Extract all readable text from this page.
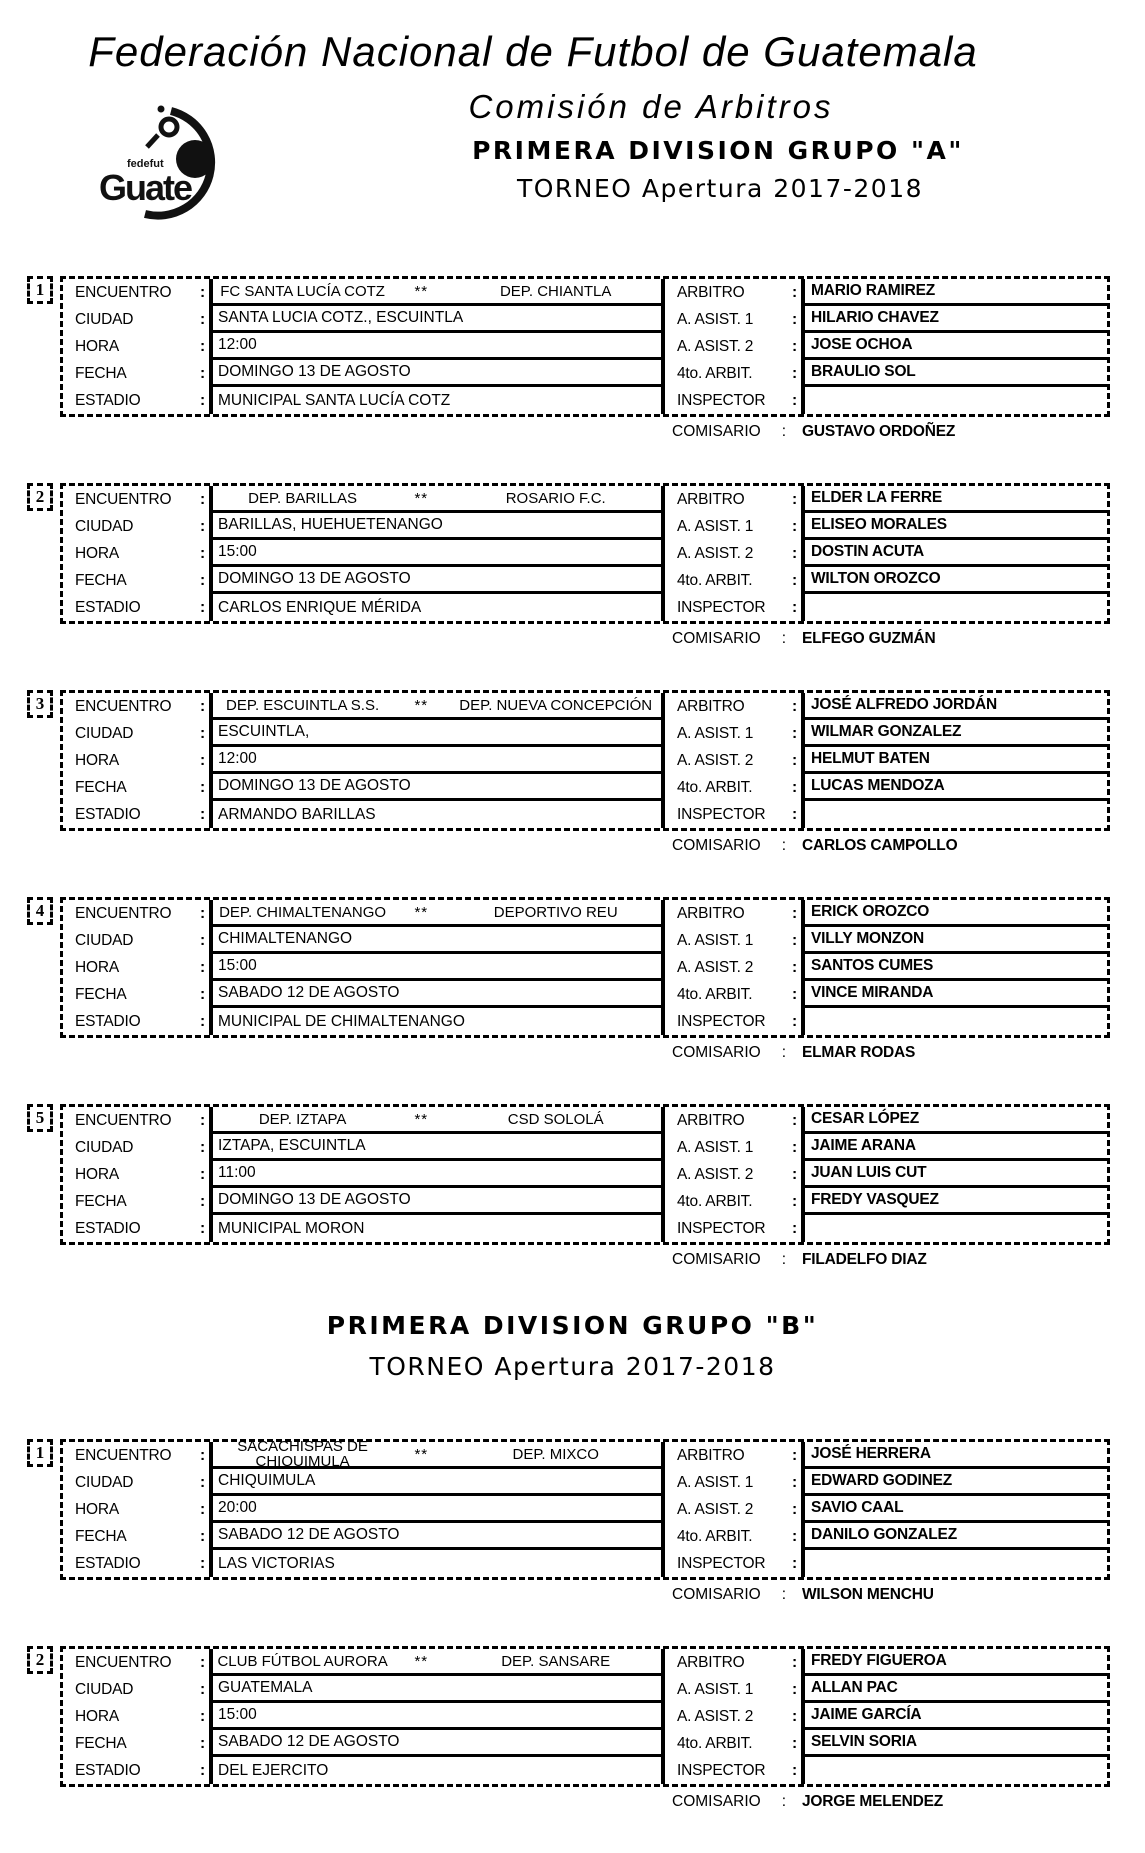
fedefut
Guate
Federación Nacional de Futbol de Guatemala
Comisión de Arbitros
PRIMERA DIVISION GRUPO "A"
TORNEO Apertura 2017-2018
1	ENCUENTRO :	FC SANTA LUCÍA COTZ	**	DEP. CHIANTLA	ARBITRO	: MARIO RAMIREZ
CIUDAD	: SANTA LUCIA COTZ., ESCUINTLA	A. ASIST. 1	: HILARIO CHAVEZ
HORA	: 12:00	A. ASIST. 2	: JOSE OCHOA
FECHA	: DOMINGO 13 DE AGOSTO	4to. ARBIT.	: BRAULIO SOL
ESTADIO	: MUNICIPAL SANTA LUCÍA COTZ	INSPECTOR :
COMISARIO : GUSTAVO ORDOÑEZ
2	ENCUENTRO :	DEP. BARILLAS	**	ROSARIO F.C.	ARBITRO	: ELDER LA FERRE
CIUDAD	: BARILLAS, HUEHUETENANGO	A. ASIST. 1	: ELISEO MORALES
HORA	: 15:00	A. ASIST. 2	: DOSTIN ACUTA
FECHA	: DOMINGO 13 DE AGOSTO	4to. ARBIT.	: WILTON OROZCO
ESTADIO	: CARLOS ENRIQUE MÉRIDA	INSPECTOR :
COMISARIO : ELFEGO GUZMÁN
3	ENCUENTRO :	DEP. ESCUINTLA S.S.	**	DEP. NUEVA CONCEPCIÓN	ARBITRO	: JOSÉ ALFREDO JORDÁN
CIUDAD	: ESCUINTLA,	A. ASIST. 1	: WILMAR GONZALEZ
HORA	: 12:00	A. ASIST. 2	: HELMUT BATEN
FECHA	: DOMINGO 13 DE AGOSTO	4to. ARBIT.	: LUCAS MENDOZA
ESTADIO	: ARMANDO BARILLAS	INSPECTOR :
COMISARIO : CARLOS CAMPOLLO
4	ENCUENTRO : DEP. CHIMALTENANGO	**	DEPORTIVO REU	ARBITRO	: ERICK OROZCO
CIUDAD	: CHIMALTENANGO	A. ASIST. 1	: VILLY MONZON
HORA	: 15:00	A. ASIST. 2	: SANTOS CUMES
FECHA	: SABADO 12 DE AGOSTO	4to. ARBIT.	: VINCE MIRANDA
ESTADIO	: MUNICIPAL DE CHIMALTENANGO	INSPECTOR :
COMISARIO : ELMAR RODAS
5	ENCUENTRO :	DEP. IZTAPA	**	CSD SOLOLÁ	ARBITRO	: CESAR LÓPEZ
CIUDAD	: IZTAPA, ESCUINTLA	A. ASIST. 1	: JAIME ARANA
HORA	: 11:00	A. ASIST. 2	: JUAN LUIS CUT
FECHA	: DOMINGO 13 DE AGOSTO	4to. ARBIT.	: FREDY VASQUEZ
ESTADIO	: MUNICIPAL MORON	INSPECTOR :
COMISARIO : FILADELFO DIAZ
PRIMERA DIVISION GRUPO "B"
TORNEO Apertura 2017-2018
1	ENCUENTRO :	SACACHISPAS DE CHIQUIMULA	**	DEP. MIXCO	ARBITRO	: JOSÉ HERRERA
CIUDAD	: CHIQUIMULA	A. ASIST. 1	: EDWARD GODINEZ
HORA	: 20:00	A. ASIST. 2	: SAVIO CAAL
FECHA	: SABADO 12 DE AGOSTO	4to. ARBIT.	: DANILO GONZALEZ
ESTADIO	: LAS VICTORIAS	INSPECTOR :
COMISARIO : WILSON MENCHU
2	ENCUENTRO : CLUB FÚTBOL AURORA	**	DEP. SANSARE	ARBITRO	: FREDY FIGUEROA
CIUDAD	: GUATEMALA	A. ASIST. 1	: ALLAN PAC
HORA	: 15:00	A. ASIST. 2	: JAIME GARCÍA
FECHA	: SABADO 12 DE AGOSTO	4to. ARBIT.	: SELVIN SORIA
ESTADIO	: DEL EJERCITO	INSPECTOR :
COMISARIO : JORGE MELENDEZ
